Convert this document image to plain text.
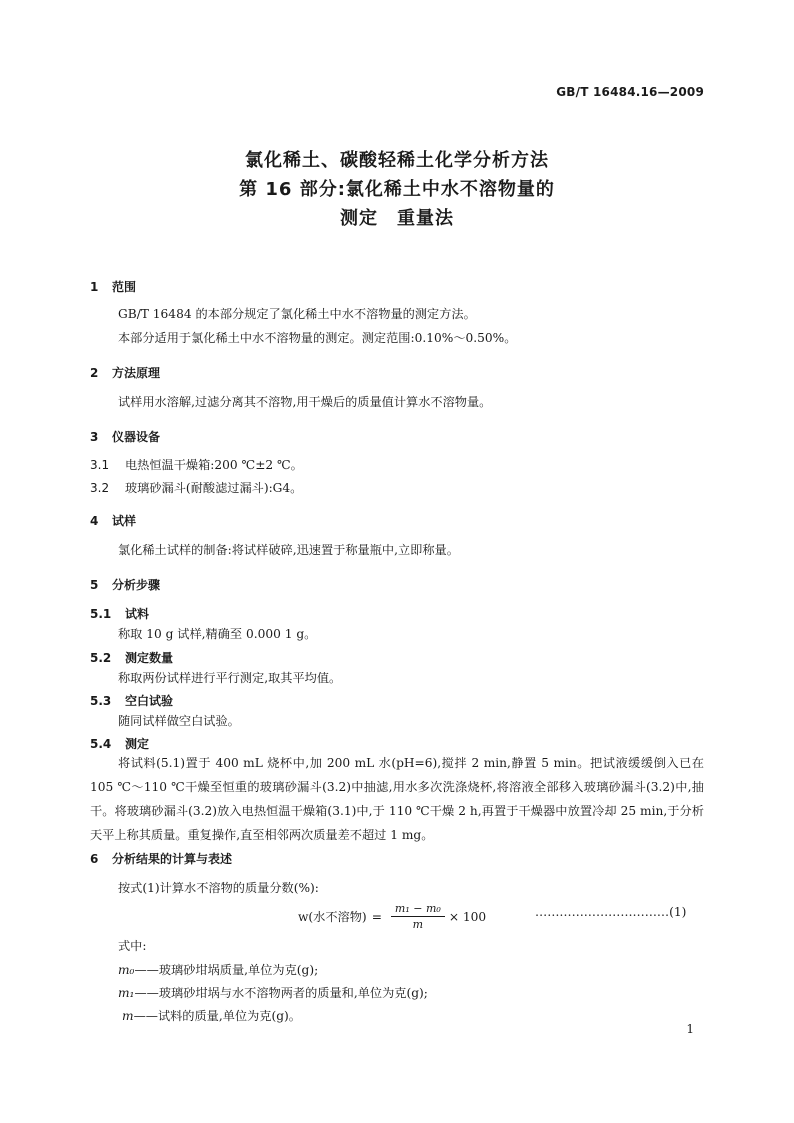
GB/T 16484.16—2009
氯化稀土、碳酸轻稀土化学分析方法
第 16 部分:氯化稀土中水不溶物量的
测定　重量法
1 范围
GB/T 16484 的本部分规定了氯化稀土中水不溶物量的测定方法。
本部分适用于氯化稀土中水不溶物量的测定。测定范围:0.10%～0.50%。
2 方法原理
试样用水溶解,过滤分离其不溶物,用干燥后的质量值计算水不溶物量。
3 仪器设备
3.1 电热恒温干燥箱:200 ℃±2 ℃。
3.2 玻璃砂漏斗(耐酸滤过漏斗):G4。
4 试样
氯化稀土试样的制备:将试样破碎,迅速置于称量瓶中,立即称量。
5 分析步骤
5.1 试料
称取 10 g 试样,精确至 0.000 1 g。
5.2 测定数量
称取两份试样进行平行测定,取其平均值。
5.3 空白试验
随同试样做空白试验。
5.4 测定
将试料(5.1)置于 400 mL 烧杯中,加 200 mL 水(pH=6),搅拌 2 min,静置 5 min。把试液缓缓倒入已在 105 ℃～110 ℃干燥至恒重的玻璃砂漏斗(3.2)中抽滤,用水多次洗涤烧杯,将溶液全部移入玻璃砂漏斗(3.2)中,抽干。将玻璃砂漏斗(3.2)放入电热恒温干燥箱(3.1)中,于 110 ℃干燥 2 h,再置于干燥器中放置冷却 25 min,于分析天平上称其质量。重复操作,直至相邻两次质量差不超过 1 mg。
6 分析结果的计算与表述
按式(1)计算水不溶物的质量分数(%):
w(水不溶物) = $\frac{\text{m₁ − m₀}}{m} \times 100$	……………………………(1)
式中:
m₀——玻璃砂坩埚质量,单位为克(g);
m₁——玻璃砂坩埚与水不溶物两者的质量和,单位为克(g);
m——试料的质量,单位为克(g)。
1
